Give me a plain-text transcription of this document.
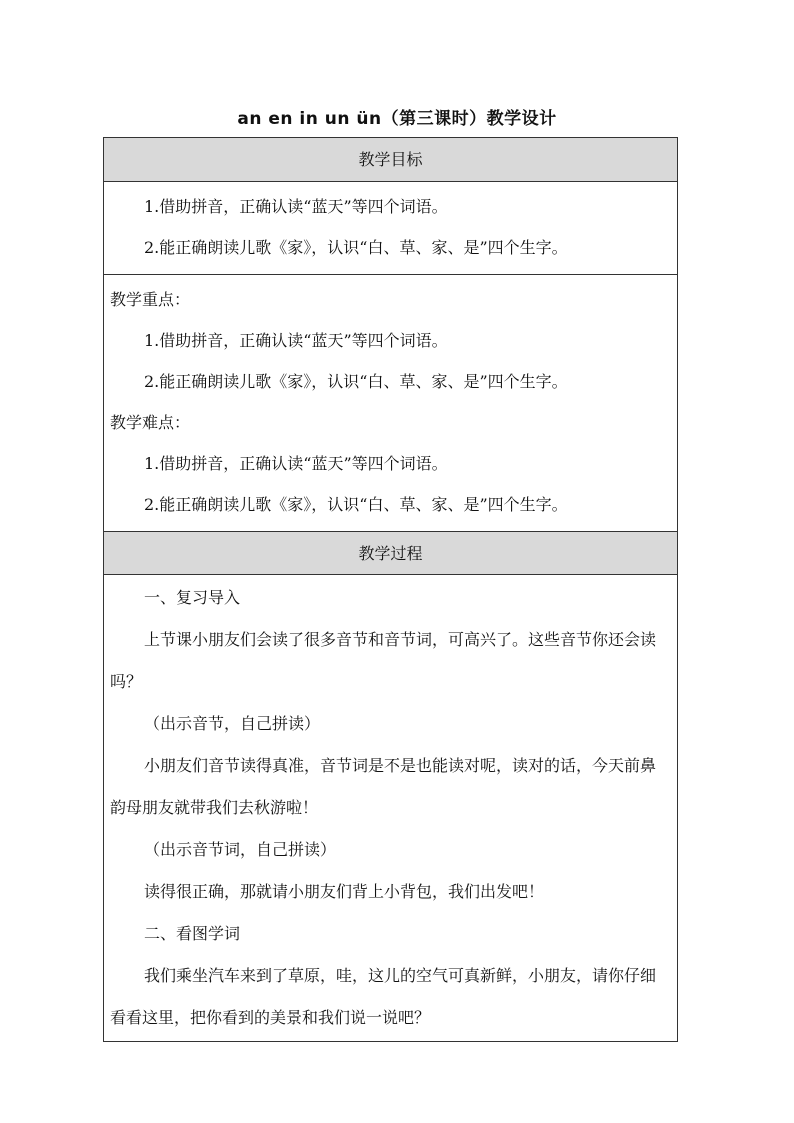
an en in un ün（第三课时）教学设计
教学目标

1.借助拼音，正确认读“蓝天”等四个词语。

2.能正确朗读儿歌《家》，认识“白、草、家、是”四个生字。

教学重点：

1.借助拼音，正确认读“蓝天”等四个词语。

2.能正确朗读儿歌《家》，认识“白、草、家、是”四个生字。

教学难点：

1.借助拼音，正确认读“蓝天”等四个词语。

2.能正确朗读儿歌《家》，认识“白、草、家、是”四个生字。

教学过程

一、复习导入

上节课小朋友们会读了很多音节和音节词，可高兴了。这些音节你还会读吗？

（出示音节，自己拼读）

小朋友们音节读得真准，音节词是不是也能读对呢，读对的话，今天前鼻韵母朋友就带我们去秋游啦！

（出示音节词，自己拼读）

读得很正确，那就请小朋友们背上小背包，我们出发吧！

二、看图学词

我们乘坐汽车来到了草原，哇，这儿的空气可真新鲜，小朋友，请你仔细看看这里，把你看到的美景和我们说一说吧？
